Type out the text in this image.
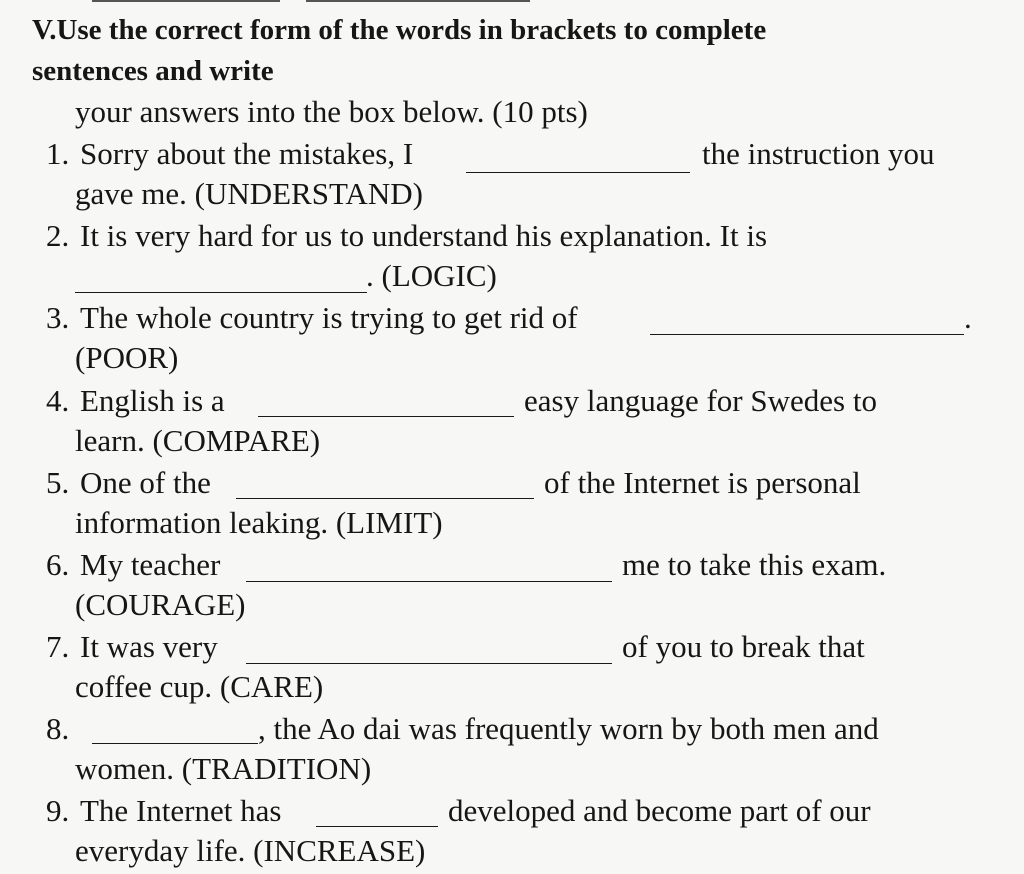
V.Use the correct form of the words in brackets to complete
sentences and write
your answers into the box below. (10 pts)
1. Sorry about the mistakes, I	the instruction you
gave me. (UNDERSTAND)
2. It is very hard for us to understand his explanation. It is
. (LOGIC)
3. The whole country is trying to get rid of	.
(POOR)
4. English is a	easy language for Swedes to
learn. (COMPARE)
5. One of the	of the Internet is personal
information leaking. (LIMIT)
6. My teacher	me to take this exam.
(COURAGE)
7. It was very	of you to break that
coffee cup. (CARE)
8.	, the Ao dai was frequently worn by both men and
women. (TRADITION)
9. The Internet has	developed and become part of our
everyday life. (INCREASE)
